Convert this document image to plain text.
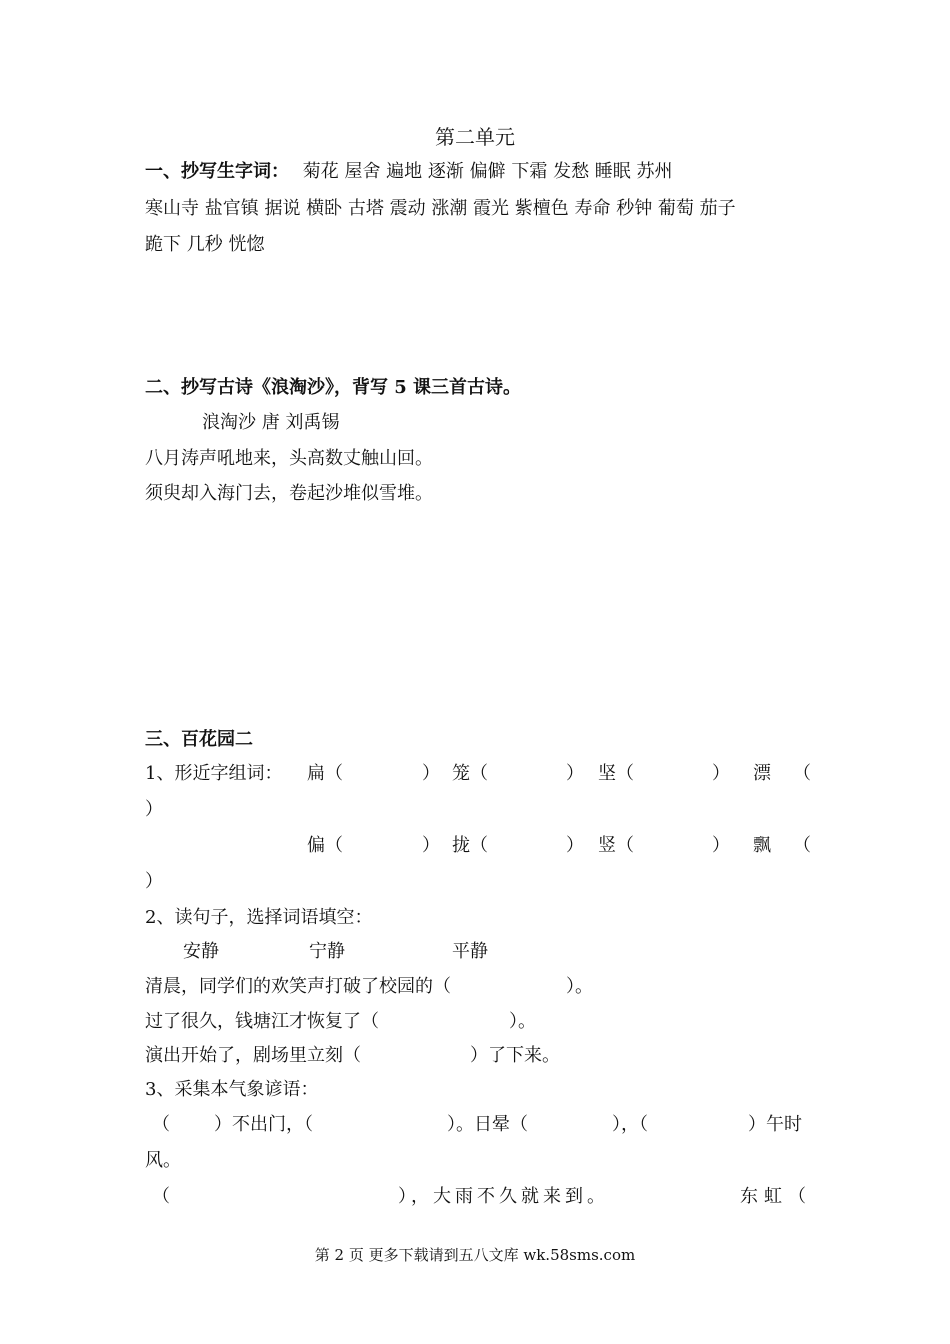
第二单元
一、抄写生字词： 菊花 屋舍 遍地 逐渐 偏僻 下霜 发愁 睡眠 苏州
寒山寺 盐官镇 据说 横卧 古塔 震动 涨潮 霞光 紫檀色 寿命 秒钟 葡萄 茄子
跪下 几秒 恍惚
二、抄写古诗《浪淘沙》，背写 5 课三首古诗。
浪淘沙 唐 刘禹锡
八月涛声吼地来，头高数丈触山回。
须臾却入海门去，卷起沙堆似雪堆。
三、百花园二
1、形近字组词： 扁（	） 笼（	） 坚（	） 漂 （
）
偏（	） 拢（	） 竖（	） 飘 （
）
2、读句子，选择词语填空：
安静	宁静	平静
清晨，同学们的欢笑声打破了校园的（	）。
过了很久，钱塘江才恢复了（	）。
演出开始了，剧场里立刻（	）了下来。
3、采集本气象谚语：
（ ）不出门，（	）。日晕（	），（	）午时
风。
（	），大雨不久就来到。	东虹（
第 2 页 更多下载请到五八文库 wk.58sms.com
